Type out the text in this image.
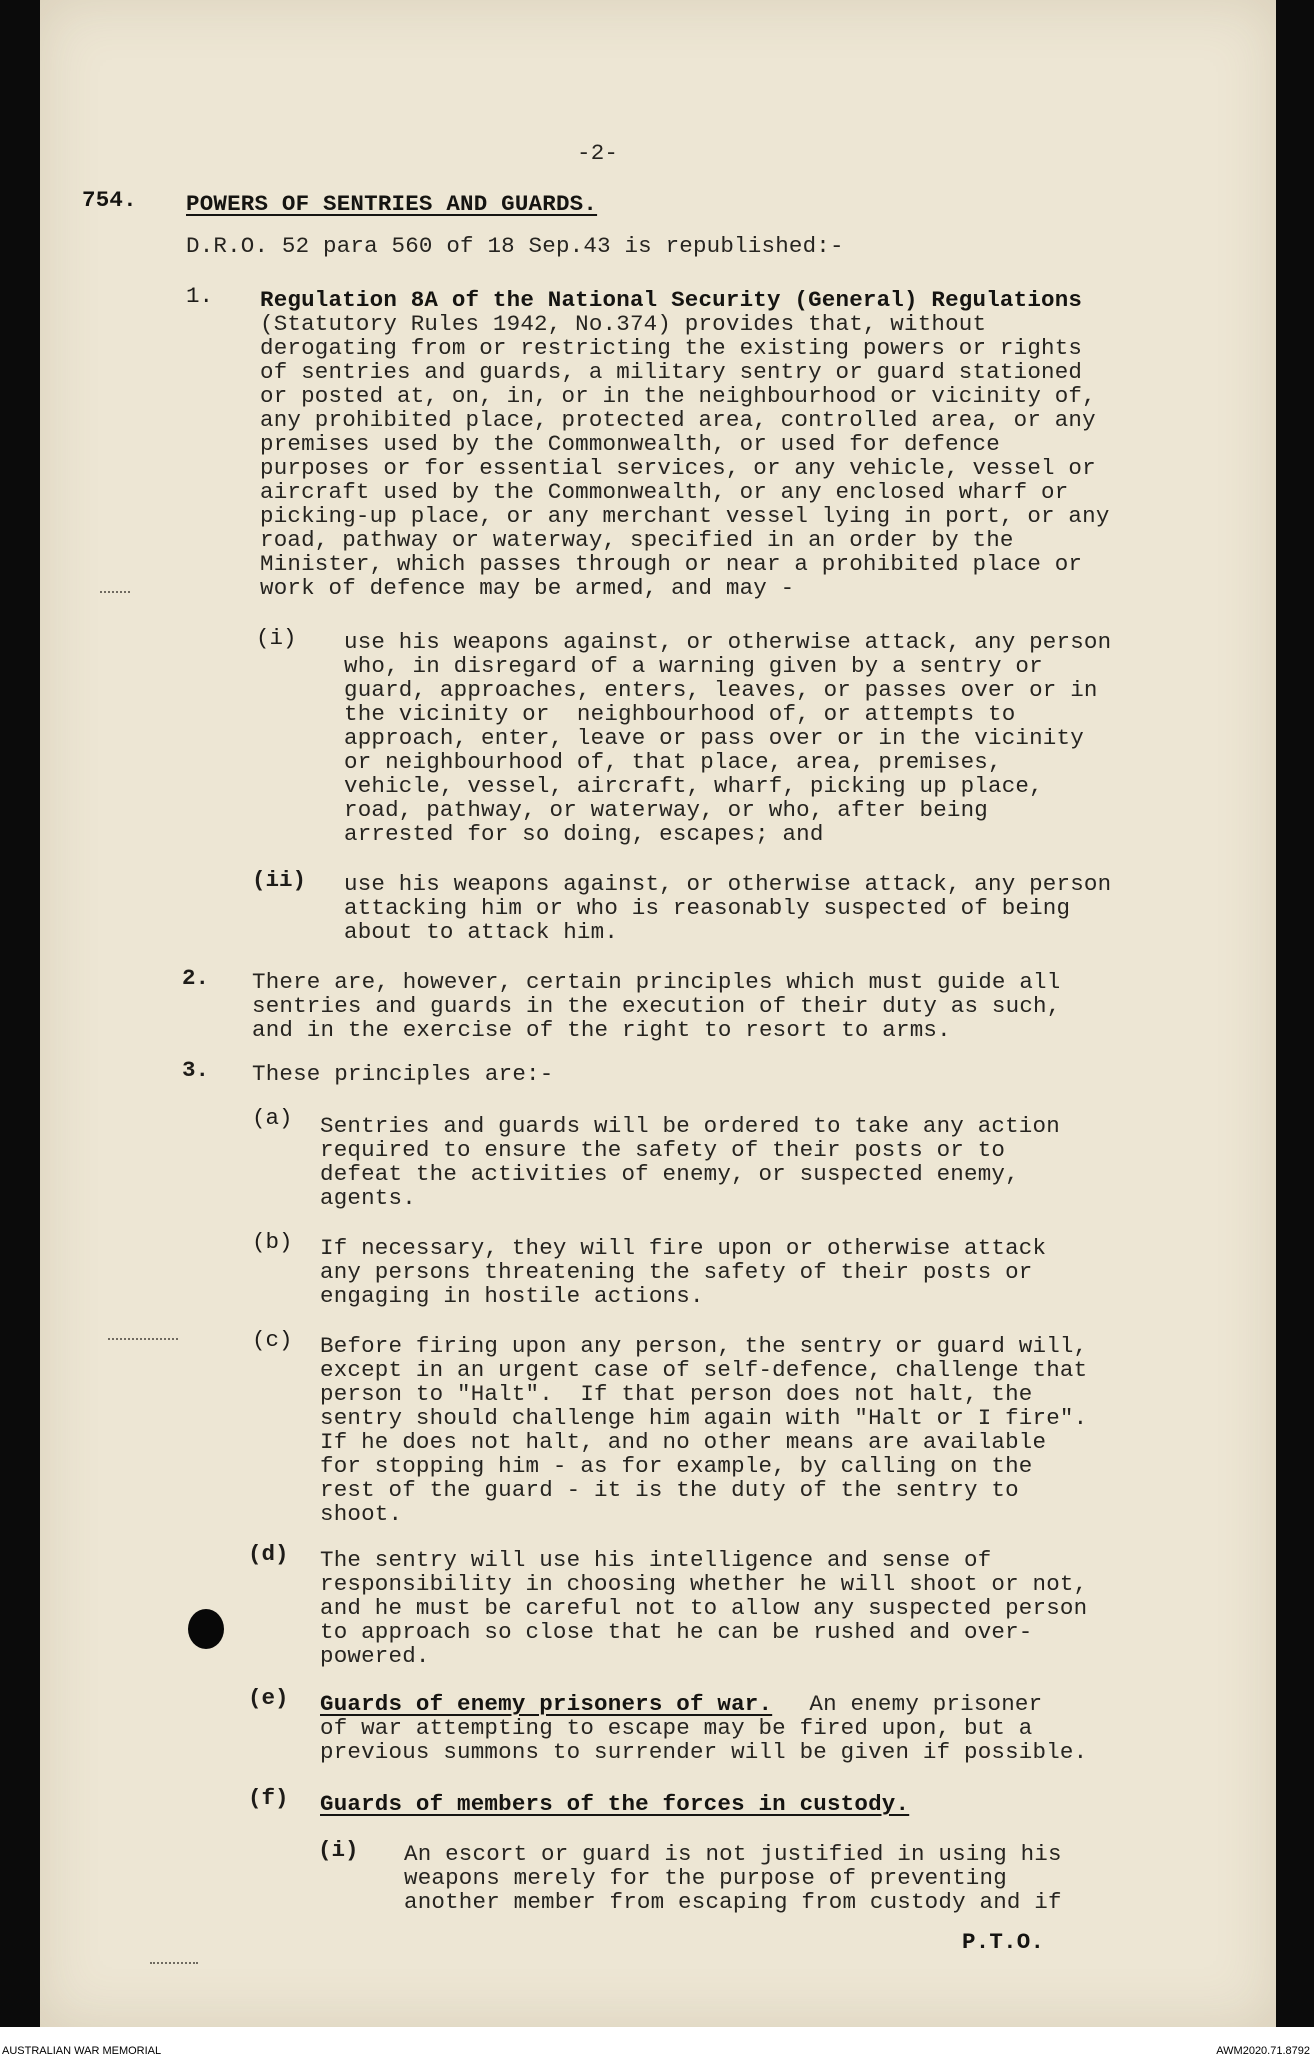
-2-
754. POWERS OF SENTRIES AND GUARDS.
D.R.O. 52 para 560 of 18 Sep.43 is republished:-
1. Regulation 8A of the National Security (General) Regulations
(Statutory Rules 1942, No.374) provides that, without
derogating from or restricting the existing powers or rights
of sentries and guards, a military sentry or guard stationed
or posted at, on, in, or in the neighbourhood or vicinity of,
any prohibited place, protected area, controlled area, or any
premises used by the Commonwealth, or used for defence
purposes or for essential services, or any vehicle, vessel or
aircraft used by the Commonwealth, or any enclosed wharf or
picking-up place, or any merchant vessel lying in port, or any
road, pathway or waterway, specified in an order by the
Minister, which passes through or near a prohibited place or
work of defence may be armed, and may -
(i) use his weapons against, or otherwise attack, any person
who, in disregard of a warning given by a sentry or
guard, approaches, enters, leaves, or passes over or in
the vicinity or  neighbourhood of, or attempts to
approach, enter, leave or pass over or in the vicinity
or neighbourhood of, that place, area, premises,
vehicle, vessel, aircraft, wharf, picking up place,
road, pathway, or waterway, or who, after being
arrested for so doing, escapes; and
(ii) use his weapons against, or otherwise attack, any person
attacking him or who is reasonably suspected of being
about to attack him.
2. There are, however, certain principles which must guide all
sentries and guards in the execution of their duty as such,
and in the exercise of the right to resort to arms.
3. These principles are:-
(a) Sentries and guards will be ordered to take any action
required to ensure the safety of their posts or to
defeat the activities of enemy, or suspected enemy,
agents.
(b) If necessary, they will fire upon or otherwise attack
any persons threatening the safety of their posts or
engaging in hostile actions.
(c) Before firing upon any person, the sentry or guard will,
except in an urgent case of self-defence, challenge that
person to "Halt".  If that person does not halt, the
sentry should challenge him again with "Halt or I fire".
If he does not halt, and no other means are available
for stopping him - as for example, by calling on the
rest of the guard - it is the duty of the sentry to
shoot.
(d) The sentry will use his intelligence and sense of
responsibility in choosing whether he will shoot or not,
and he must be careful not to allow any suspected person
to approach so close that he can be rushed and over-
powered.
(e) Guards of enemy prisoners of war. An enemy prisoner
of war attempting to escape may be fired upon, but a
previous summons to surrender will be given if possible.
(f) Guards of members of the forces in custody.
(i) An escort or guard is not justified in using his
weapons merely for the purpose of preventing
another member from escaping from custody and if
P.T.O.
AUSTRALIAN WAR MEMORIAL	AWM2020.71.8792
